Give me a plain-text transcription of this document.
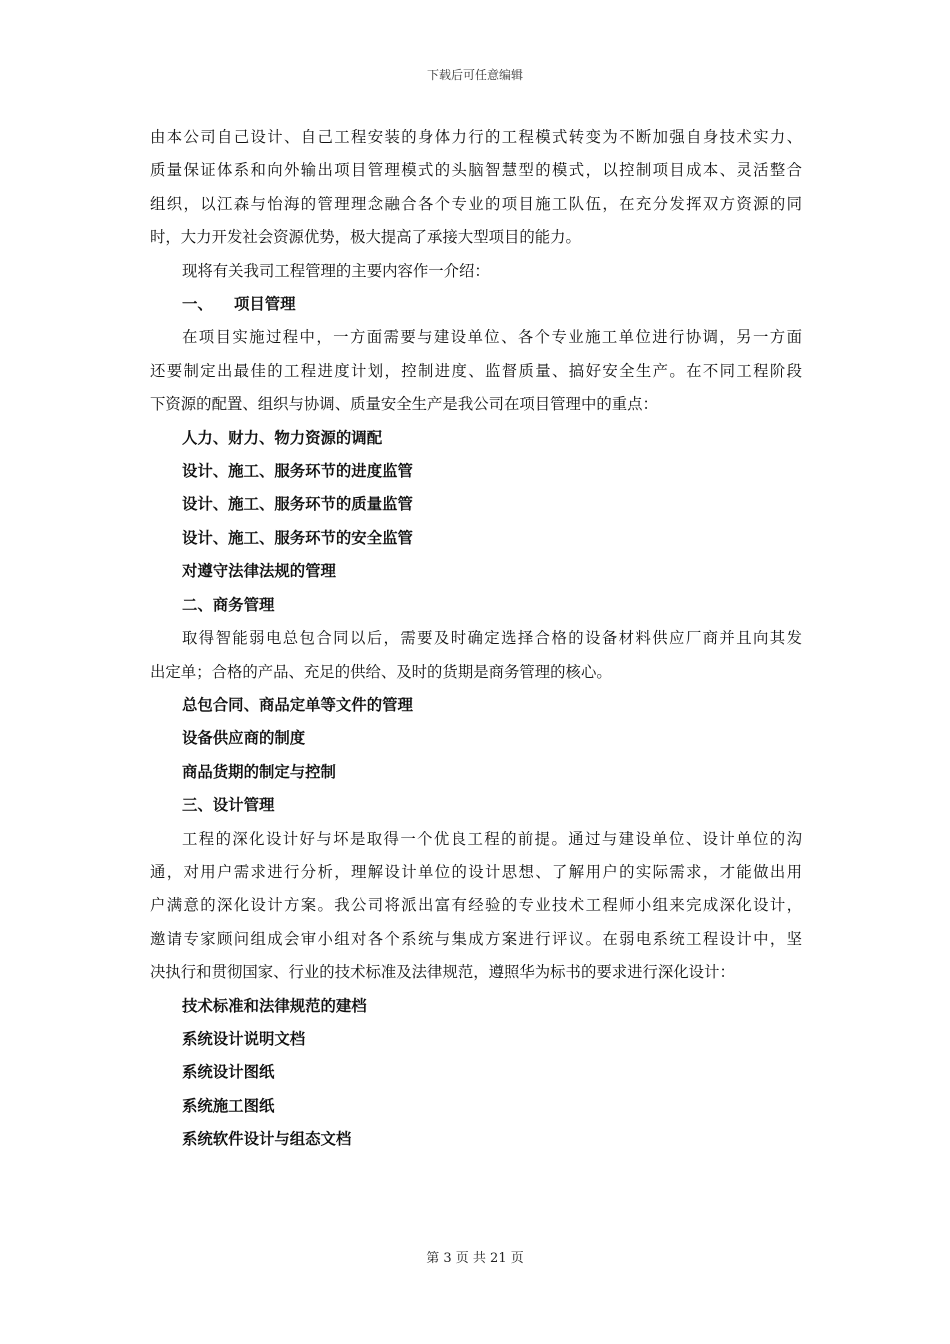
下载后可任意编辑

由本公司自己设计、自己工程安装的身体力行的工程模式转变为不断加强自身技术实力、
质量保证体系和向外输出项目管理模式的头脑智慧型的模式，以控制项目成本、灵活整合
组织，以江森与怡海的管理理念融合各个专业的项目施工队伍，在充分发挥双方资源的同
时，大力开发社会资源优势，极大提高了承接大型项目的能力。

现将有关我司工程管理的主要内容作一介绍：

一、 项目管理

在项目实施过程中，一方面需要与建设单位、各个专业施工单位进行协调，另一方面
还要制定出最佳的工程进度计划，控制进度、监督质量、搞好安全生产。在不同工程阶段
下资源的配置、组织与协调、质量安全生产是我公司在项目管理中的重点：

人力、财力、物力资源的调配

设计、施工、服务环节的进度监管

设计、施工、服务环节的质量监管

设计、施工、服务环节的安全监管

对遵守法律法规的管理

二、商务管理

取得智能弱电总包合同以后，需要及时确定选择合格的设备材料供应厂商并且向其发
出定单；合格的产品、充足的供给、及时的货期是商务管理的核心。

总包合同、商品定单等文件的管理

设备供应商的制度

商品货期的制定与控制

三、设计管理

工程的深化设计好与坏是取得一个优良工程的前提。通过与建设单位、设计单位的沟
通，对用户需求进行分析，理解设计单位的设计思想、了解用户的实际需求，才能做出用
户满意的深化设计方案。我公司将派出富有经验的专业技术工程师小组来完成深化设计，
邀请专家顾问组成会审小组对各个系统与集成方案进行评议。在弱电系统工程设计中，坚
决执行和贯彻国家、行业的技术标准及法律规范，遵照华为标书的要求进行深化设计：

技术标准和法律规范的建档

系统设计说明文档

系统设计图纸

系统施工图纸

系统软件设计与组态文档

第 3 页 共 21 页
